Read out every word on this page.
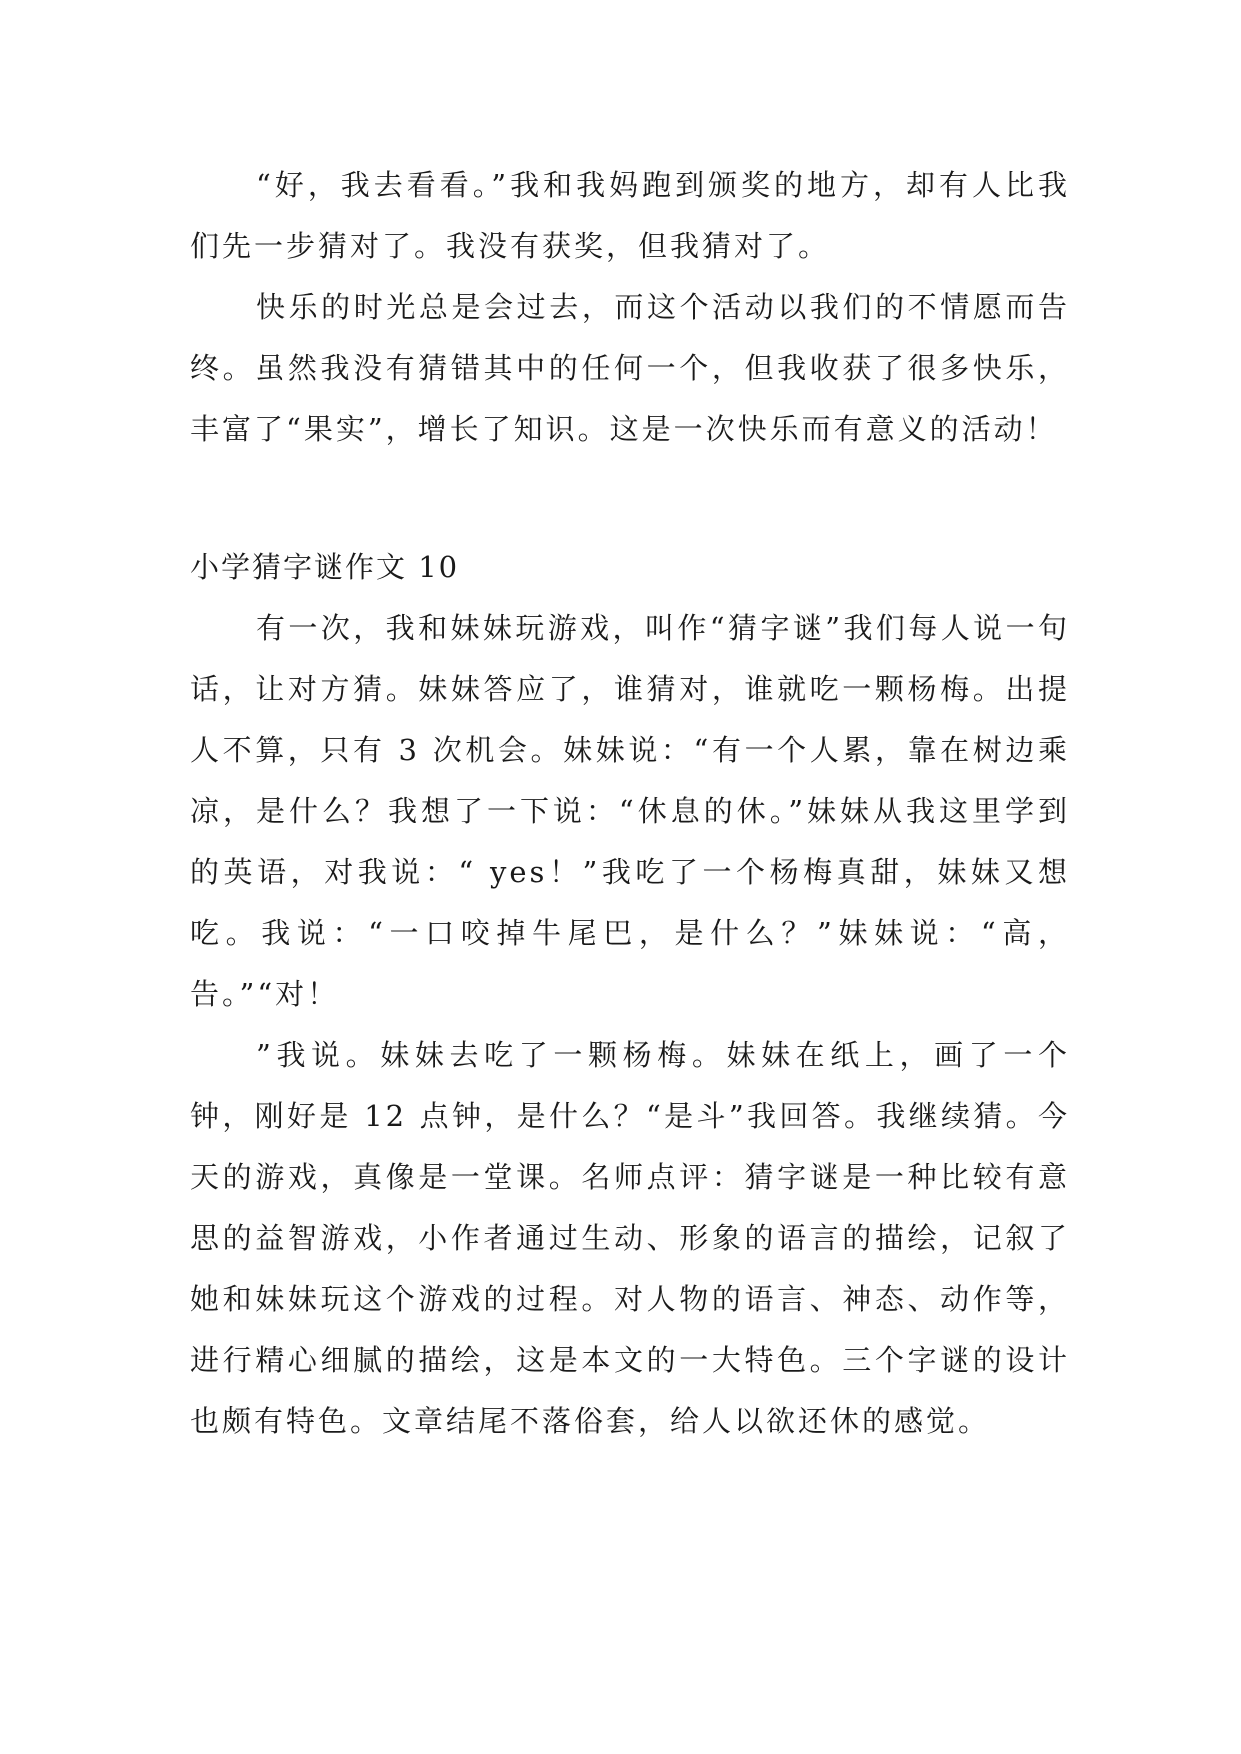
“好，我去看看。”我和我妈跑到颁奖的地方，却有人比我们先一步猜对了。我没有获奖，但我猜对了。

快乐的时光总是会过去，而这个活动以我们的不情愿而告终。虽然我没有猜错其中的任何一个，但我收获了很多快乐，丰富了“果实”，增长了知识。这是一次快乐而有意义的活动！

小学猜字谜作文 10

有一次，我和妹妹玩游戏，叫作“猜字谜”我们每人说一句话，让对方猜。妹妹答应了，谁猜对，谁就吃一颗杨梅。出提人不算，只有 3 次机会。妹妹说：“有一个人累，靠在树边乘凉，是什么？我想了一下说：“休息的休。”妹妹从我这里学到的英语，对我说：“ yes！”我吃了一个杨梅真甜，妹妹又想吃。我说：“一口咬掉牛尾巴，是什么？”妹妹说：“高，告。”“对！

”我说。妹妹去吃了一颗杨梅。妹妹在纸上，画了一个钟，刚好是 12 点钟，是什么？“是斗”我回答。我继续猜。今天的游戏，真像是一堂课。名师点评：猜字谜是一种比较有意思的益智游戏，小作者通过生动、形象的语言的描绘，记叙了她和妹妹玩这个游戏的过程。对人物的语言、神态、动作等，进行精心细腻的描绘，这是本文的一大特色。三个字谜的设计也颇有特色。文章结尾不落俗套，给人以欲还休的感觉。
